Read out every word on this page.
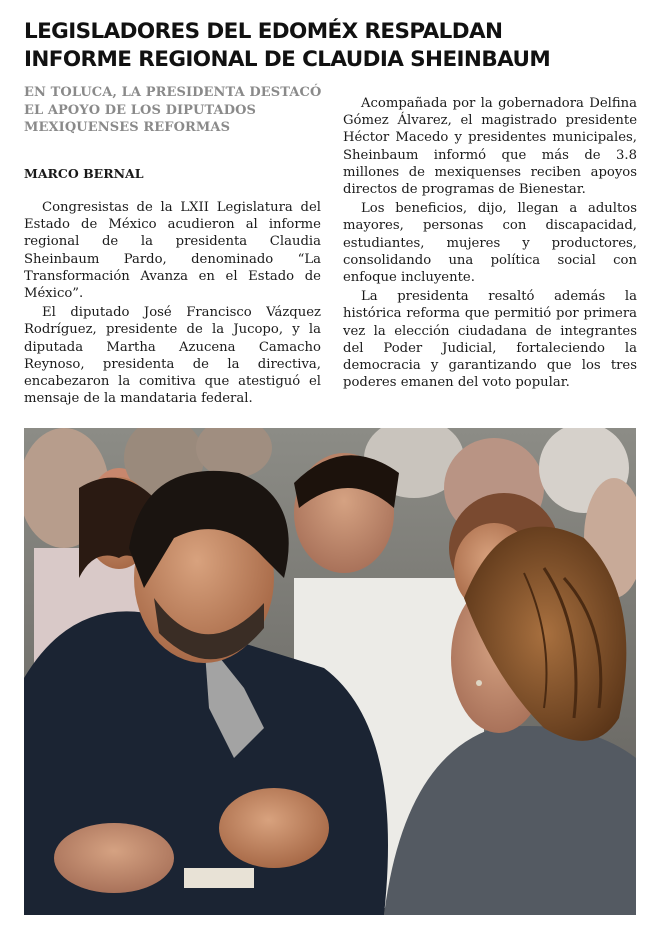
LEGISLADORES DEL EDOMÉX RESPALDAN
INFORME REGIONAL DE CLAUDIA SHEINBAUM
EN TOLUCA, LA PRESIDENTA DESTACÓ
EL APOYO DE LOS DIPUTADOS
MEXIQUENSES REFORMAS
MARCO BERNAL

Congresistas de la LXII Legislatura del Estado de México acudieron al informe regional de la presidenta Claudia Sheinbaum Pardo, denominado “La Transformación Avanza en el Estado de México”.

El diputado José Francisco Vázquez Rodríguez, presidente de la Jucopo, y la diputada Martha Azucena Camacho Reynoso, presidenta de la directiva, encabezaron la comitiva que atestiguó el mensaje de la mandataria federal.

Acompañada por la gobernadora Delfina Gómez Álvarez, el magistrado presidente Héctor Macedo y presidentes municipales, Sheinbaum informó que más de 3.8 millones de mexiquenses reciben apoyos directos de programas de Bienestar.

Los beneficios, dijo, llegan a adultos mayores, personas con discapacidad, estudiantes, mujeres y productores, consolidando una política social con enfoque incluyente.

La presidenta resaltó además la histórica reforma que permitió por primera vez la elección ciudadana de integrantes del Poder Judicial, fortaleciendo la democracia y garantizando que los tres poderes emanen del voto popular.
